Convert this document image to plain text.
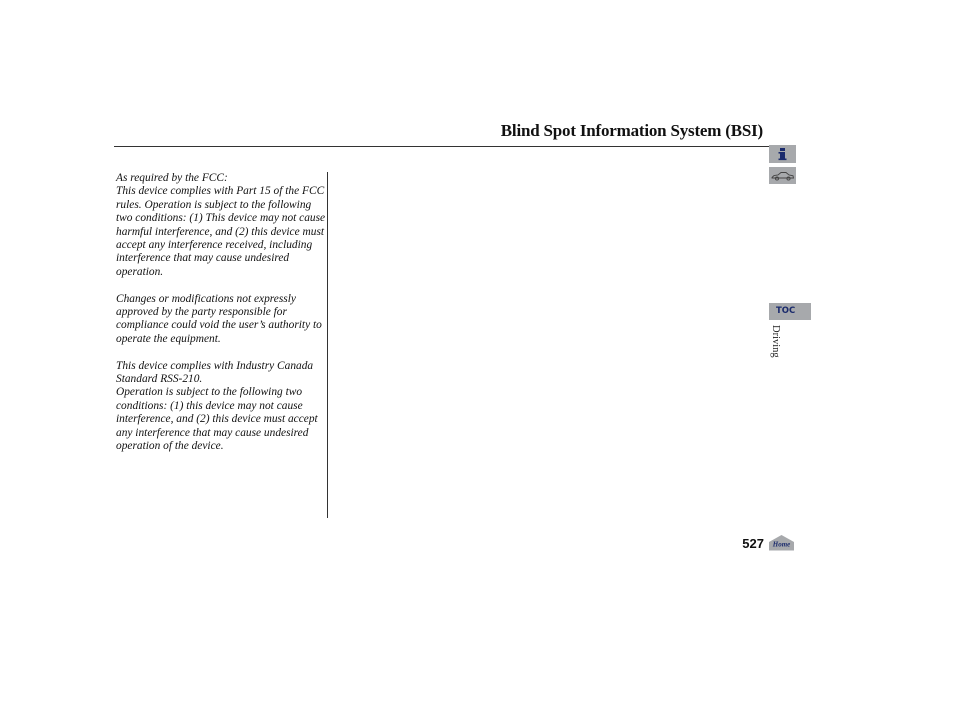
Blind Spot Information System (BSI)

As required by the FCC:
This device complies with Part 15 of the FCC rules. Operation is subject to the following two conditions: (1) This device may not cause harmful interference, and (2) this device must accept any interference received, including interference that may cause undesired operation.

Changes or modifications not expressly approved by the party responsible for compliance could void the user’s authority to operate the equipment.

This device complies with Industry Canada Standard RSS-210.
Operation is subject to the following two conditions: (1) this device may not cause interference, and (2) this device must accept any interference that may cause undesired operation of the device.

TOC
Driving
527 Home
